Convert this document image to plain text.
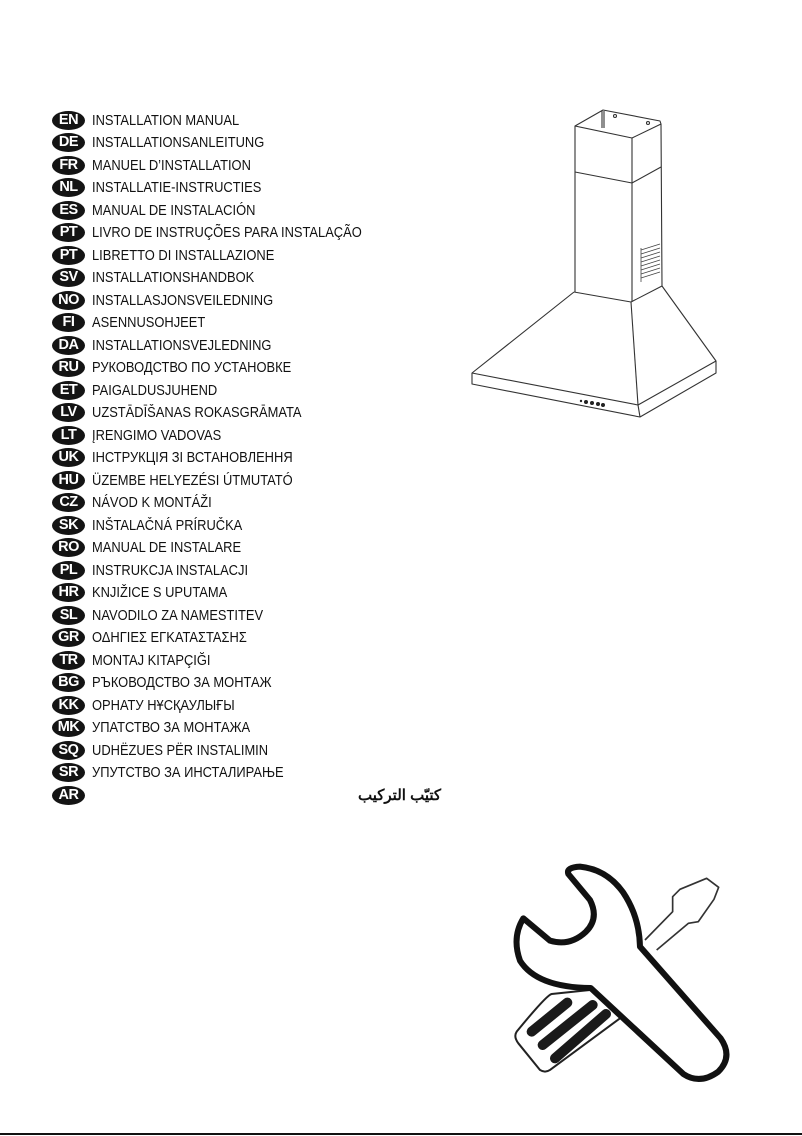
EN INSTALLATION MANUAL
DE INSTALLATIONSANLEITUNG
FR MANUEL D’INSTALLATION
NL INSTALLATIE-INSTRUCTIES
ES MANUAL DE INSTALACIÓN
PT LIVRO DE INSTRUÇÕES PARA INSTALAÇÃO
PT LIBRETTO DI INSTALLAZIONE
SV INSTALLATIONSHANDBOK
NO INSTALLASJONSVEILEDNING
FI	ASENNUSOHJEET
DA INSTALLATIONSVEJLEDNING
RU РУКОВОДСТВО ПО УСТАНОВКЕ
ET PAIGALDUSJUHEND
LV	UZSTĀDĪŠANAS ROKASGRĀMATA
LT	ĮRENGIMO VADOVAS
UK ІНСТРУКЦІЯ ЗІ ВСТАНОВЛЕННЯ
HU ÜZEMBE HELYEZÉSI ÚTMUTATÓ
CZ NÁVOD K MONTÁŽI
SK INŠTALAČNÁ PRÍRUČKA
RO MANUAL DE INSTALARE
PL INSTRUKCJA INSTALACJI
HR KNJIŽICE S UPUTAMA
SL NAVODILO ZA NAMESTITEV
GR ΟΔΗΓΙΕΣ ΕΓΚΑΤΑΣΤΑΣΗΣ
TR MONTAJ KITAPÇIĞI
BG РЪКОВОДСТВО ЗА МОНТАЖ
KK ОРНАТУ НҰСҚАУЛЫҒЫ
MK УПАТСТВО ЗА МОНТАЖА
SQ UDHËZUES PËR INSTALIMIN
SR УПУТСТВО ЗА ИНСТАЛИРАЊЕ
AR	كتيّب التركيب
